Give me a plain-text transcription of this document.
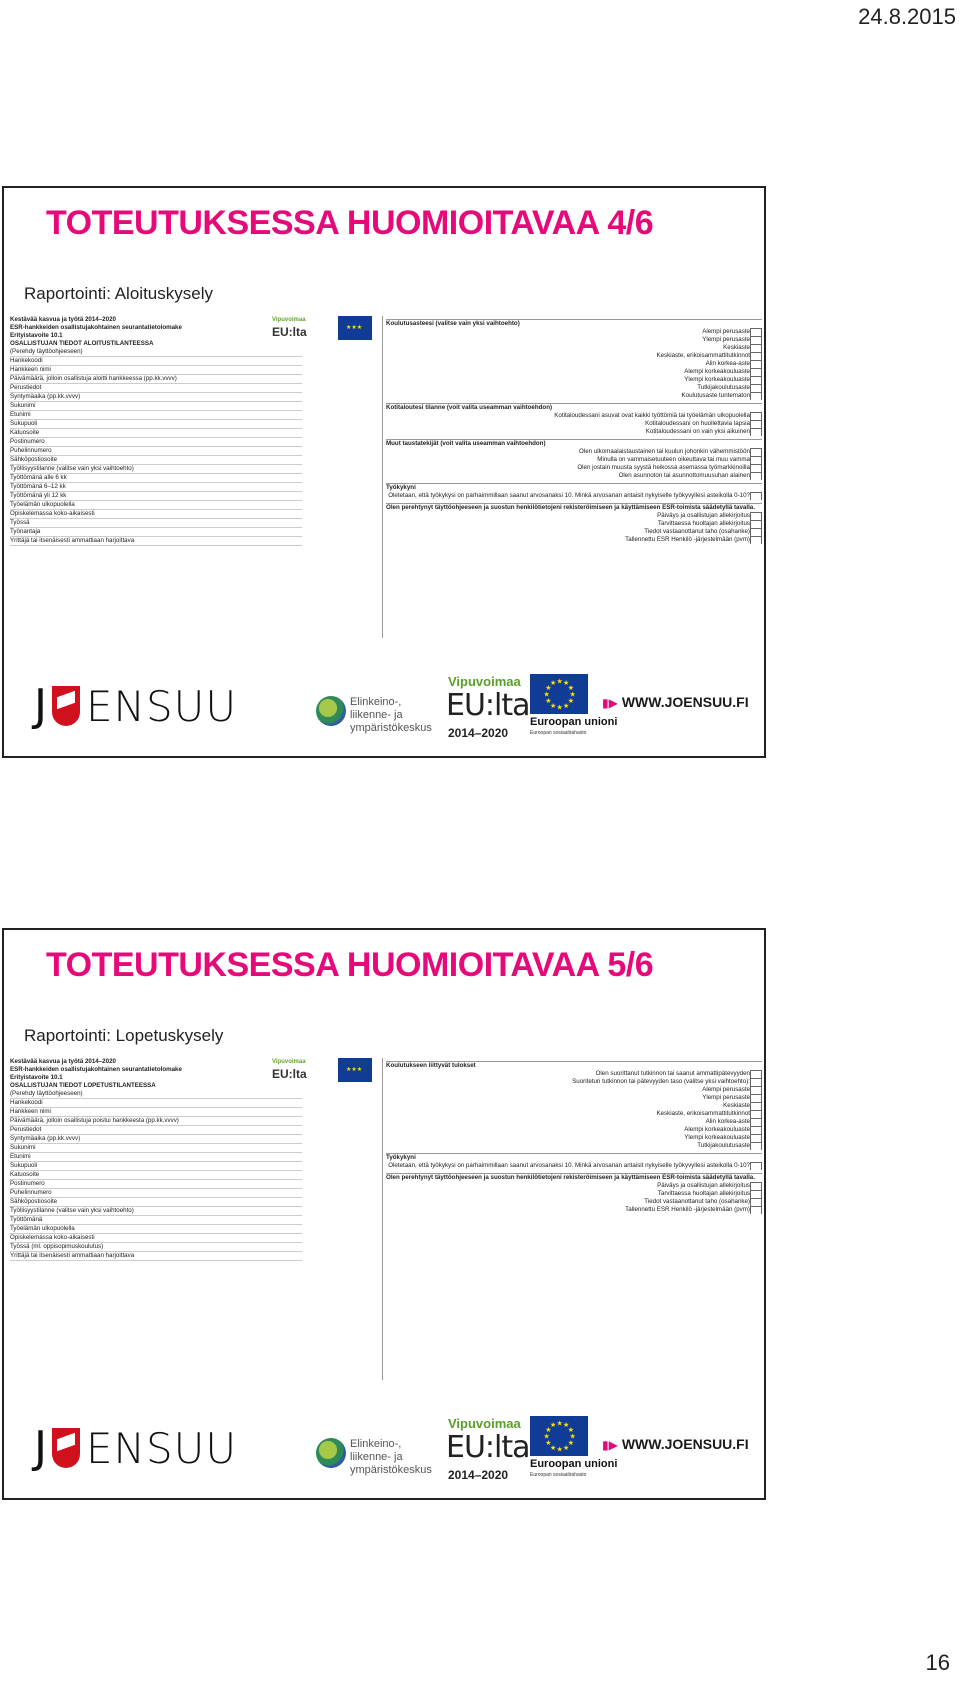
24.8.2015
TOTEUTUKSESSA HUOMIOITAVAA 4/6
Raportointi: Aloituskysely
Kestävää kasvua ja työtä 2014–2020
ESR-hankkeiden osallistujakohtainen seurantatietolomake
Erityistavoite 10.1
OSALLISTUJAN TIEDOT ALOITUSTILANTEESSA
(Perehdy täyttöohjeeseen)
Hankekoodi
Hankkeen nimi
Päivämäärä, jolloin osallistuja aloitti hankkeessa (pp.kk.vvvv)
Perustiedot
Syntymäaika (pp.kk.vvvv)
Sukunimi
Etunimi
Sukupuoli
Katuosoite
Postinumero
Puhelinnumero
Sähköpostiosoite
Työllisyystilanne (valitse vain yksi vaihtoehto)
Työttömänä alle 6 kk
Työttömänä 6–12 kk
Työttömänä yli 12 kk
Työelämän ulkopuolella
Opiskelemassa koko-aikaisesti
Työssä
Työnantaja
Yrittäjä tai itsenäisesti ammattiaan harjoittava
Vipuvoimaa
EU:lta
★★★
Koulutusasteesi (valitse vain yksi vaihtoehto)
Alempi perusaste
Ylempi perusaste
Keskiaste
Keskiaste, erikoisammattitutkinnot
Alin korkea-aste
Alempi korkeakouluaste
Ylempi korkeakouluaste
Tutkijakoulutusaste
Koulutusaste tuntematon
Kotitaloutesi tilanne (voit valita useamman vaihtoehdon)
Kotitaloudessani asuvat ovat kaikki työttömiä tai työelämän ulkopuolella
Kotitaloudessani on huollettavia lapsia
Kotitaloudessani on vain yksi aikuinen
Muut taustatekijät (voit valita useamman vaihtoehdon)
Olen ulkomaalaistaustainen tai kuulun johonkin vähemmistöön
Minulla on vammaisetuuteen oikeuttava tai muu vamma
Olen jostain muusta syystä heikossa asemassa työmarkkinoilla
Olen asunnoton tai asunnottomuusuhan alainen
Työkykyni
Oletetaan, että työkykysi on parhaimmillaan saanut arvosanaksi 10. Minkä arvosanan antaisit nykyiselle työkyvyllesi asteikolla 0-10?
Olen perehtynyt täyttöohjeeseen ja suostun henkilötietojeni rekisteröimiseen ja käyttämiseen ESR-toimista säädetyllä tavalla.
Päiväys ja osallistujan allekirjoitus
Tarvittaessa huoltajan allekirjoitus
Tiedot vastaanottanut taho (osahanke)
Tallennettu ESR Henkilö -järjestelmään (pvm)
J ENSUU	Elinkeino-, liikenne- ja
ympäristökeskus
Vipuvoimaa
EU:lta
2014–2020
★ ★
★
★
★
★
★
★
★
★
★
★
Euroopan unioni
Euroopan sosiaalirahasto
▮▶ WWW.JOENSUU.FI
TOTEUTUKSESSA HUOMIOITAVAA 5/6
Raportointi: Lopetuskysely
Kestävää kasvua ja työtä 2014–2020
ESR-hankkeiden osallistujakohtainen seurantatietolomake
Erityistavoite 10.1
OSALLISTUJAN TIEDOT LOPETUSTILANTEESSA
(Perehdy täyttöohjeeseen)
Hankekoodi
Hankkeen nimi
Päivämäärä, jolloin osallistuja poistui hankkeesta (pp.kk.vvvv)
Perustiedot
Syntymäaika (pp.kk.vvvv)
Sukunimi
Etunimi
Sukupuoli
Katuosoite
Postinumero
Puhelinnumero
Sähköpostiosoite
Työllisyystilanne (valitse vain yksi vaihtoehto)
Työttömänä
Työelämän ulkopuolella
Opiskelemassa koko-aikaisesti
Työssä (ml. oppisopimuskoulutus)
Yrittäjä tai itsenäisesti ammattiaan harjoittava
Vipuvoimaa
EU:lta
★★★
Koulutukseen liittyvät tulokset
Olen suorittanut tutkinnon tai saanut ammattipätevyyden
Suoritetun tutkinnon tai pätevyyden taso (valitse yksi vaihtoehto):
Alempi perusaste
Ylempi perusaste
Keskiaste
Keskiaste, erikoisammattitutkinnot
Alin korkea-aste
Alempi korkeakouluaste
Ylempi korkeakouluaste
Tutkijakoulutusaste
Työkykyni
Oletetaan, että työkykysi on parhaimmillaan saanut arvosanaksi 10. Minkä arvosanan antaisit nykyiselle työkyvyllesi asteikolla 0-10?
Olen perehtynyt täyttöohjeeseen ja suostun henkilötietojeni rekisteröimiseen ja käyttämiseen ESR-toimista säädetyllä tavalla.
Päiväys ja osallistujan allekirjoitus
Tarvittaessa huoltajan allekirjoitus
Tiedot vastaanottanut taho (osahanke)
Tallennettu ESR Henkilö -järjestelmään (pvm)
J ENSUU	Elinkeino-, liikenne- ja
ympäristökeskus
Vipuvoimaa
EU:lta
2014–2020
★ ★
★
★
★
★
★
★
★
★
★
★
Euroopan unioni
Euroopan sosiaalirahasto
▮▶ WWW.JOENSUU.FI
16
